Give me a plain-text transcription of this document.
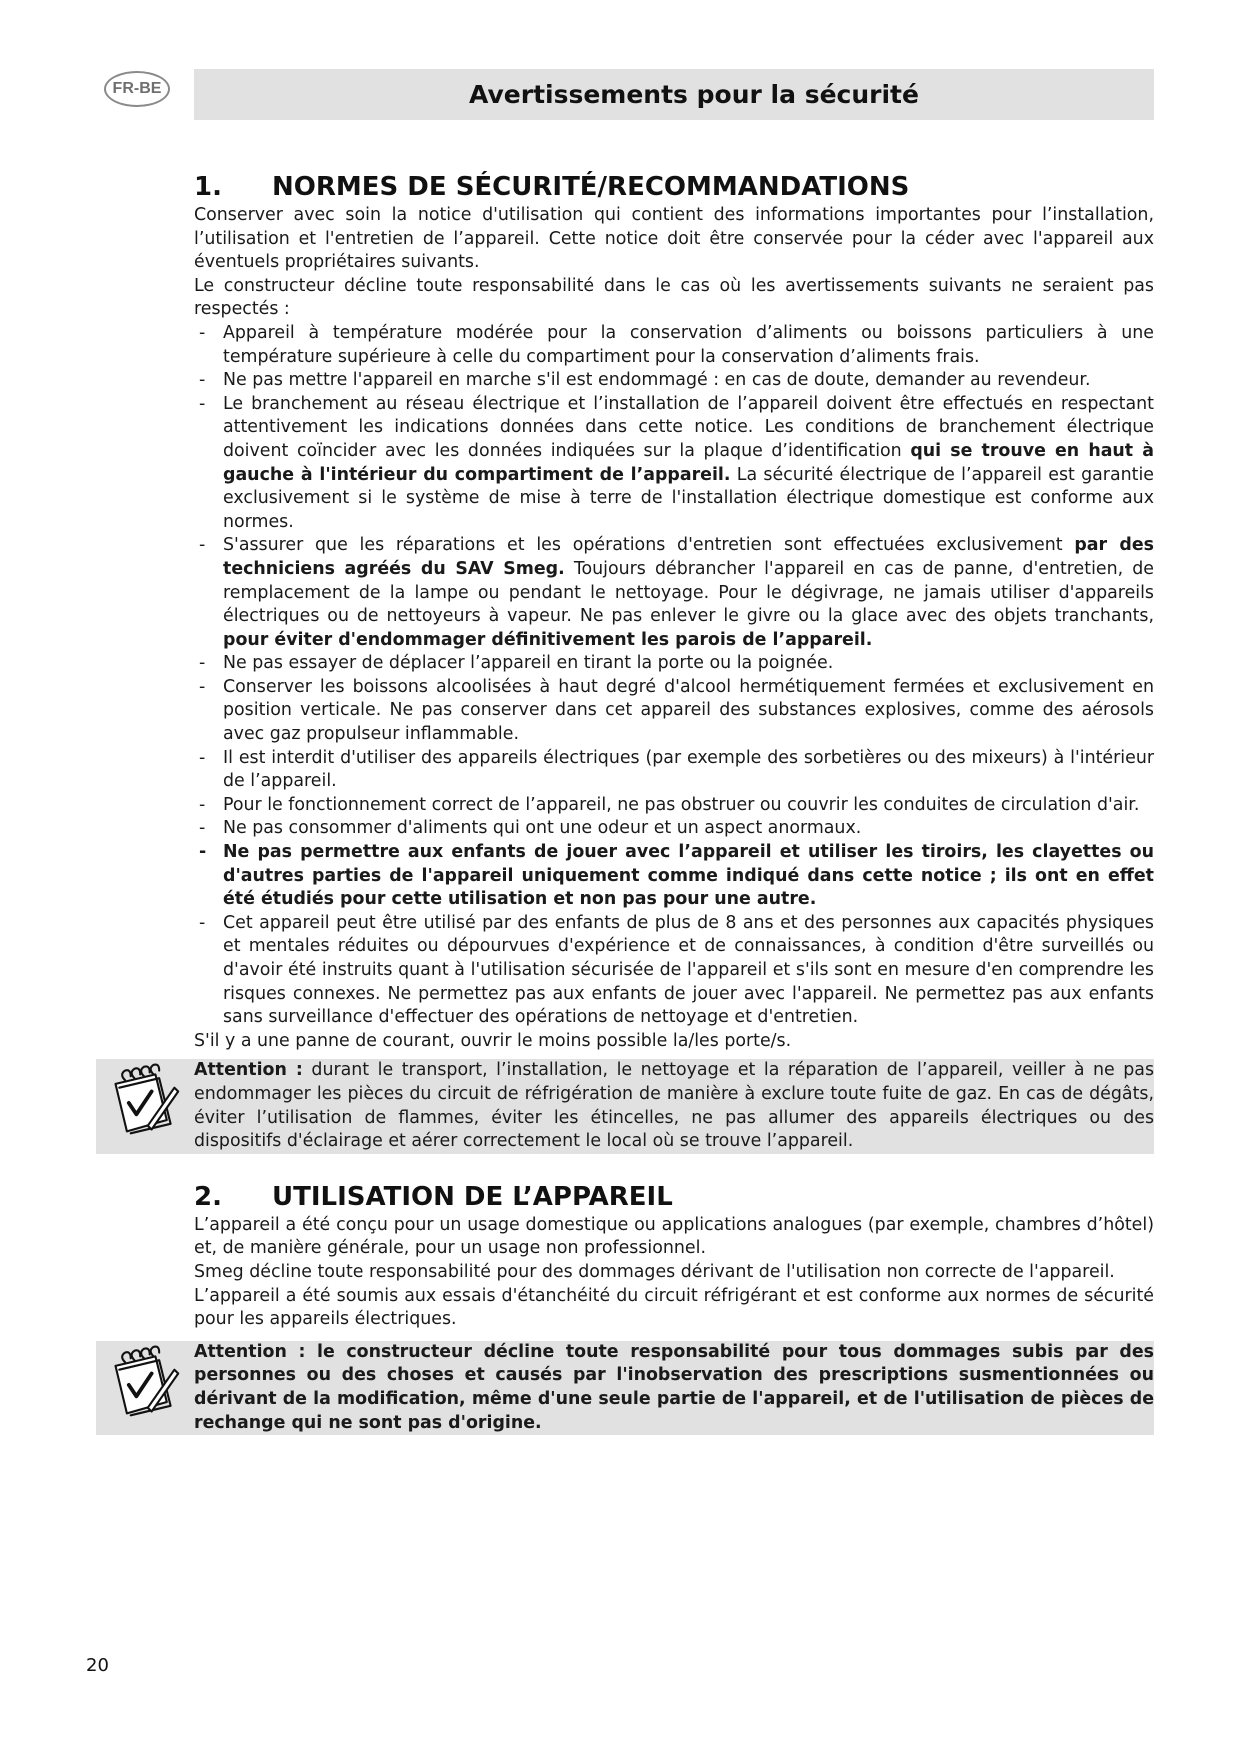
FR-BE	Avertissements pour la sécurité
1.	NORMES DE SÉCURITÉ/RECOMMANDATIONS

Conserver avec soin la notice d'utilisation qui contient des informations importantes pour l’installation, l’utilisation et l'entretien de l’appareil. Cette notice doit être conservée pour la céder avec l'appareil aux éventuels propriétaires suivants.

Le constructeur décline toute responsabilité dans le cas où les avertissements suivants ne seraient pas respectés :

- Appareil à température modérée pour la conservation d’aliments ou boissons particuliers à une température supérieure à celle du compartiment pour la conservation d’aliments frais.
- Ne pas mettre l'appareil en marche s'il est endommagé : en cas de doute, demander au revendeur.
- Le branchement au réseau électrique et l’installation de l’appareil doivent être effectués en respectant attentivement les indications données dans cette notice. Les conditions de branchement électrique doivent coïncider avec les données indiquées sur la plaque d’identification qui se trouve en haut à gauche à l'intérieur du compartiment de l’appareil. La sécurité électrique de l’appareil est garantie exclusivement si le système de mise à terre de l'installation électrique domestique est conforme aux normes.
- S'assurer que les réparations et les opérations d'entretien sont effectuées exclusivement par des techniciens agréés du SAV Smeg. Toujours débrancher l'appareil en cas de panne, d'entretien, de remplacement de la lampe ou pendant le nettoyage. Pour le dégivrage, ne jamais utiliser d'appareils électriques ou de nettoyeurs à vapeur. Ne pas enlever le givre ou la glace avec des objets tranchants, pour éviter d'endommager définitivement les parois de l’appareil.
- Ne pas essayer de déplacer l’appareil en tirant la porte ou la poignée.
- Conserver les boissons alcoolisées à haut degré d'alcool hermétiquement fermées et exclusivement en position verticale. Ne pas conserver dans cet appareil des substances explosives, comme des aérosols avec gaz propulseur inflammable.
- Il est interdit d'utiliser des appareils électriques (par exemple des sorbetières ou des mixeurs) à l'intérieur de l’appareil.
- Pour le fonctionnement correct de l’appareil, ne pas obstruer ou couvrir les conduites de circulation d'air.
- Ne pas consommer d'aliments qui ont une odeur et un aspect anormaux.
- Ne pas permettre aux enfants de jouer avec l’appareil et utiliser les tiroirs, les clayettes ou d'autres parties de l'appareil uniquement comme indiqué dans cette notice ; ils ont en effet été étudiés pour cette utilisation et non pas pour une autre.
- Cet appareil peut être utilisé par des enfants de plus de 8 ans et des personnes aux capacités physiques et mentales réduites ou dépourvues d'expérience et de connaissances, à condition d'être surveillés ou d'avoir été instruits quant à l'utilisation sécurisée de l'appareil et s'ils sont en mesure d'en comprendre les risques connexes. Ne permettez pas aux enfants de jouer avec l'appareil. Ne permettez pas aux enfants sans surveillance d'effectuer des opérations de nettoyage et d'entretien.

S'il y a une panne de courant, ouvrir le moins possible la/les porte/s.

Attention : durant le transport, l’installation, le nettoyage et la réparation de l’appareil, veiller à ne pas endommager les pièces du circuit de réfrigération de manière à exclure toute fuite de gaz. En cas de dégâts, éviter l’utilisation de flammes, éviter les étincelles, ne pas allumer des appareils électriques ou des dispositifs d'éclairage et aérer correctement le local où se trouve l’appareil.

2.	UTILISATION DE L’APPAREIL

L’appareil a été conçu pour un usage domestique ou applications analogues (par exemple, chambres d’hôtel) et, de manière générale, pour un usage non professionnel.

Smeg décline toute responsabilité pour des dommages dérivant de l'utilisation non correcte de l'appareil.

L’appareil a été soumis aux essais d'étanchéité du circuit réfrigérant et est conforme aux normes de sécurité pour les appareils électriques.

Attention : le constructeur décline toute responsabilité pour tous dommages subis par des personnes ou des choses et causés par l'inobservation des prescriptions susmentionnées ou dérivant de la modification, même d'une seule partie de l'appareil, et de l'utilisation de pièces de rechange qui ne sont pas d'origine.

20
